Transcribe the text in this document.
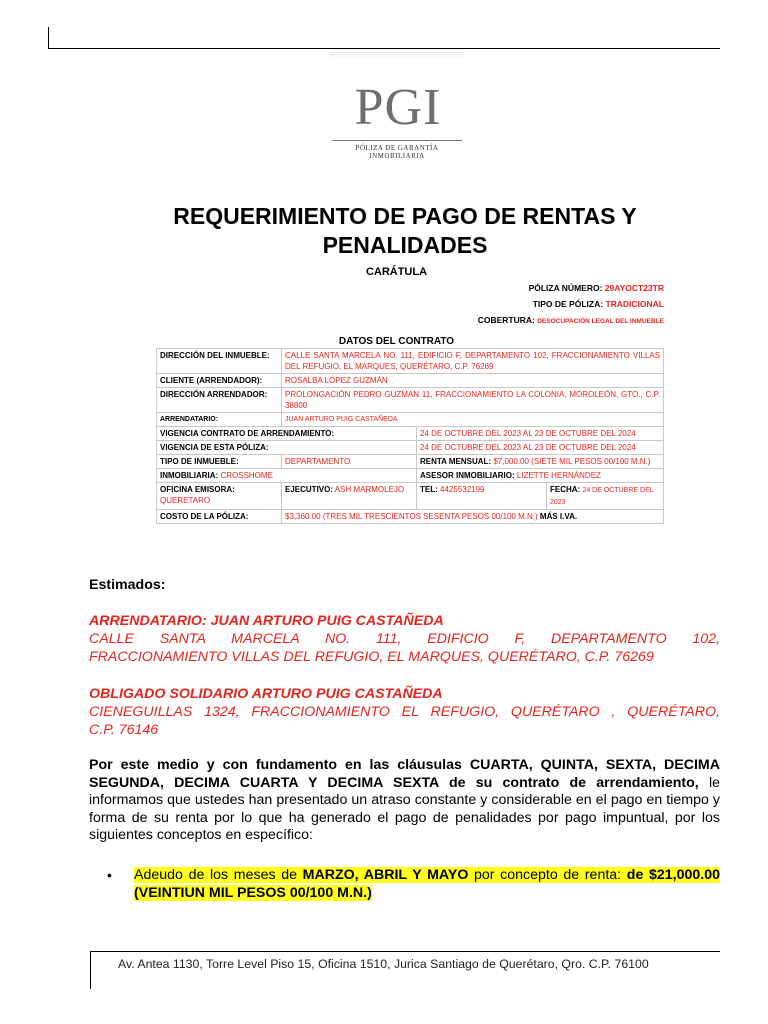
PGI
PÓLIZA DE GARANTÍA INMOBILIARIA
REQUERIMIENTO DE PAGO DE RENTAS Y
PENALIDADES
CARÁTULA
PÓLIZA NÚMERO: 29AYOCT23TR
TIPO DE PÓLIZA: TRADICIONAL
COBERTURA: DESOCUPACIÓN LEGAL DEL INMUEBLE
DATOS DEL CONTRATO
DIRECCIÓN DEL INMUEBLE:	CALLE SANTA MARCELA NO. 111, EDIFICIO F, DEPARTAMENTO 102, FRACCIONAMIENTO VILLAS DEL REFUGIO, EL MARQUES, QUERÉTARO, C.P. 76269		
CLIENTE (ARRENDADOR):	ROSALBA LÓPEZ GUZMÁN		
DIRECCIÓN ARRENDADOR:	PROLONGACIÓN PEDRO GUZMAN 11, FRACCIONAMIENTO LA COLONIA, MOROLEÓN, GTO., C.P. 38800		
ARRENDATARIO:	JUAN ARTURO PUIG CASTAÑEDA		
VIGENCIA CONTRATO DE ARRENDAMIENTO:		24 DE OCTUBRE DEL 2023 AL 23 DE OCTUBRE DEL 2024	
VIGENCIA DE ESTA PÓLIZA:		24 DE OCTUBRE DEL 2023 AL 23 DE OCTUBRE DEL 2024	
TIPO DE INMUEBLE:	DEPARTAMENTO	RENTA MENSUAL: $7,000.00 (SIETE MIL PESOS 00/100 M.N.)	
INMOBILIARIA: CROSSHOME		ASESOR INMOBILIARIO: LIZETTE HERNÁNDEZ	
OFICINA EMISORA: QUERETARO	EJECUTIVO: ASH MARMOLEJO	TEL: 4425532199	FECHA: 24 DE OCTUBRE DEL 2023
COSTO DE LA PÓLIZA:	$3,360.00 (TRES MIL TRESCIENTOS SESENTA PESOS 00/100 M.N.) MÁS I.VA.		
Estimados:
ARRENDATARIO: JUAN ARTURO PUIG CASTAÑEDA
CALLE SANTA MARCELA NO. 111, EDIFICIO F, DEPARTAMENTO 102,
FRACCIONAMIENTO VILLAS DEL REFUGIO, EL MARQUES, QUERÉTARO, C.P. 76269
OBLIGADO SOLIDARIO ARTURO PUIG CASTAÑEDA
CIENEGUILLAS 1324, FRACCIONAMIENTO EL REFUGIO, QUERÉTARO , QUERÉTARO,
C.P. 76146
Por este medio y con fundamento en las cláusulas CUARTA, QUINTA, SEXTA, DECIMA SEGUNDA, DECIMA CUARTA Y DECIMA SEXTA de su contrato de arrendamiento, le informamos que ustedes han presentado un atraso constante y considerable en el pago en tiempo y forma de su renta por lo que ha generado el pago de penalidades por pago impuntual, por los siguientes conceptos en específico:
•	Adeudo de los meses de MARZO, ABRIL Y MAYO por concepto de renta: de $21,000.00 (VEINTIUN MIL PESOS 00/100 M.N.)
Av. Antea 1130, Torre Level Piso 15, Oficina 1510, Jurica Santiago de Querétaro, Qro. C.P. 76100
